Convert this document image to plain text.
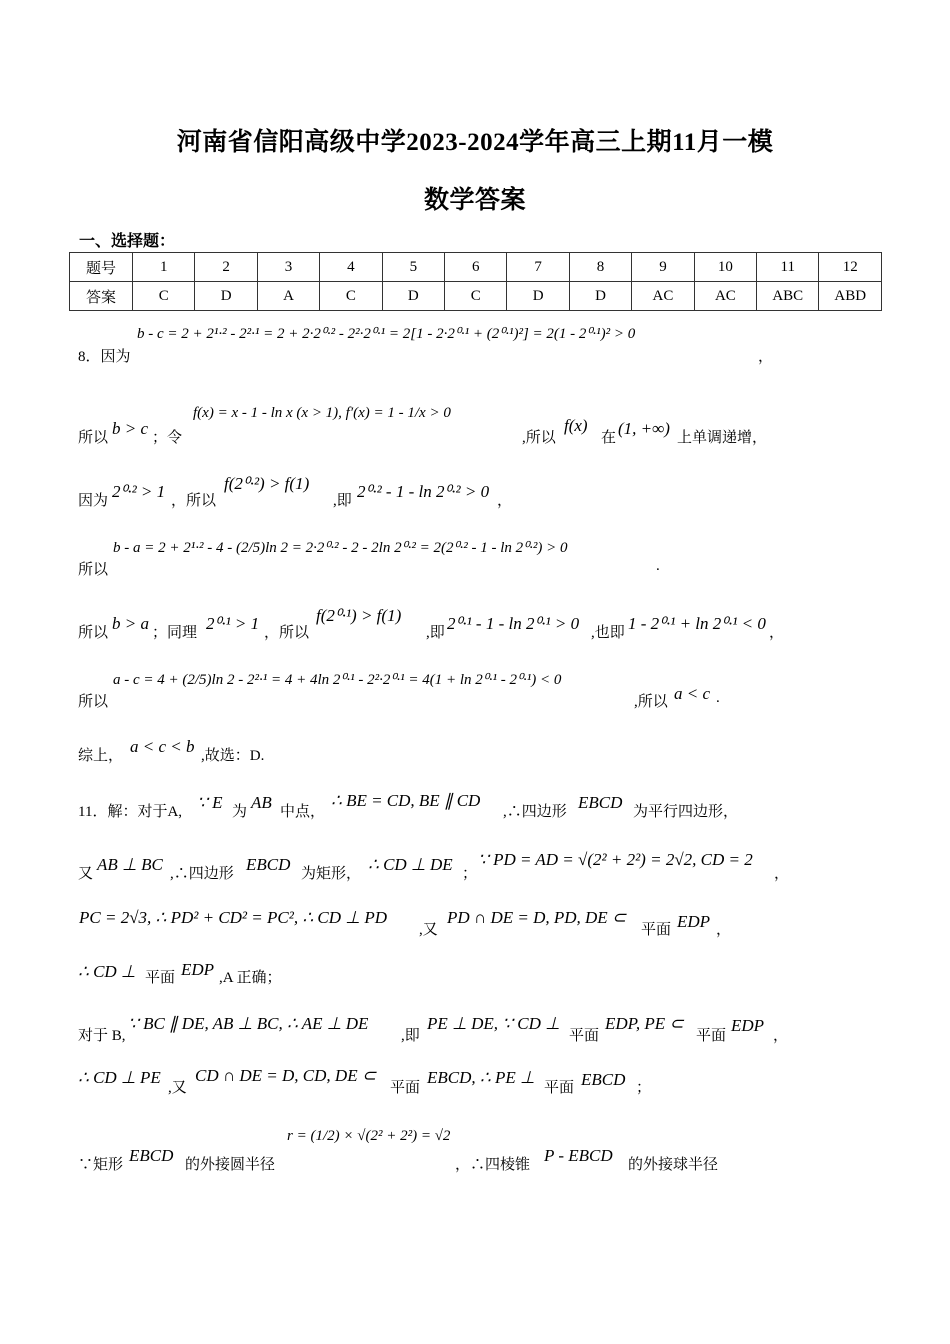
河南省信阳高级中学2023-2024学年高三上期11月一模
数学答案
一、选择题：
题号	1	2	3	4	5	6	7	8	9	10	11	12
答案	C	D	A	C	D	C	D	D	AC	AC	ABC	ABD
8．因为
b - c = 2 + 2¹·² - 2²·¹ = 2 + 2·2⁰·² - 2²·2⁰·¹ = 2[1 - 2·2⁰·¹ + (2⁰·¹)²] = 2(1 - 2⁰·¹)² > 0
，
所以 b > c ；令
f(x) = x - 1 - ln x (x > 1), f′(x) = 1 - 1/x > 0
,所以
f(x)
在 (1, +∞) 上单调递增，
因为 2⁰·² > 1 ，所以
f(2⁰·²) > f(1)
,即 2⁰·² - 1 - ln 2⁰·² > 0 ，
b - a = 2 + 2¹·² - 4 - (2/5)ln 2 = 2·2⁰·² - 2 - 2ln 2⁰·² = 2(2⁰·² - 1 - ln 2⁰·²) > 0
所以	.
所以 b > a ；同理 2⁰·¹ > 1 ，所以
f(2⁰·¹) > f(1)
,即 2⁰·¹ - 1 - ln 2⁰·¹ > 0 ,也即 1 - 2⁰·¹ + ln 2⁰·¹ < 0 ，
a - c = 4 + (2/5)ln 2 - 2²·¹ = 4 + 4ln 2⁰·¹ - 2²·2⁰·¹ = 4(1 + ln 2⁰·¹ - 2⁰·¹) < 0
所以	,所以 a < c .
综上， a < c < b ,故选：D.
11．解：对于A, ∵ E 为 AB 中点，
∴ BE = CD, BE ∥ CD
,∴四边形 EBCD 为平行四边形，
又 AB ⊥ BC ,∴四边形 EBCD 为矩形， ∴ CD ⊥ DE ；
∵ PD = AD = √(2² + 2²) = 2√2, CD = 2
，
PC = 2√3, ∴ PD² + CD² = PC², ∴ CD ⊥ PD
,又
PD ∩ DE = D, PD, DE ⊂
平面 EDP ，
∴ CD ⊥ 平面 EDP ,A 正确；
对于 B,
∵ BC ∥ DE, AB ⊥ BC, ∴ AE ⊥ DE
,即
PE ⊥ DE, ∵ CD ⊥
平面
EDP, PE ⊂
平面
EDP
，
∴ CD ⊥ PE
,又
CD ∩ DE = D, CD, DE ⊂
平面
EBCD, ∴ PE ⊥
平面 EBCD ；
∵矩形 EBCD 的外接圆半径
r = (1/2) × √(2² + 2²) = √2
，∴四棱锥 P - EBCD 的外接球半径
